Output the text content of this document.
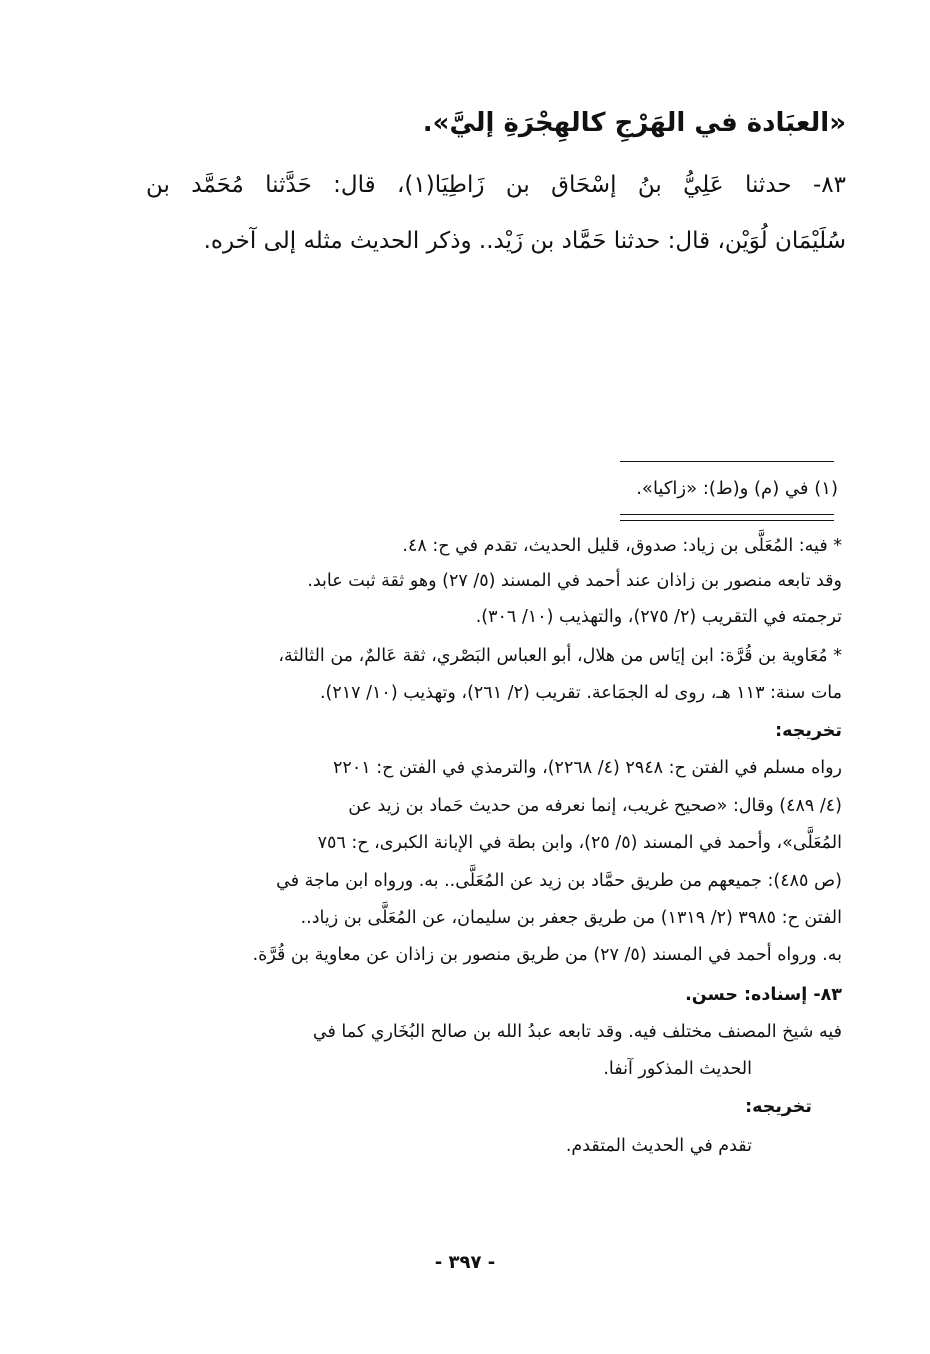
«العبَادة في الهَرْجِ كالهِجْرَةِ إليَّ».
٨٣- حدثنا عَلِيُّ بنُ إسْحَاق بن زَاطِيَا(١)، قال: حَدَّثنا مُحَمَّد بن
سُلَيْمَان لُوَيْن، قال: حدثنا حَمَّاد بن زَيْد.. وذكر الحديث مثله إلى آخره.
(١) في (م) و(ط): «زاكيا».
* فيه: المُعَلَّى بن زياد: صدوق، قليل الحديث، تقدم في ح: ٤٨.
وقد تابعه منصور بن زاذان عند أحمد في المسند (٥/ ٢٧) وهو ثقة ثبت عابد.
ترجمته في التقريب (٢/ ٢٧٥)، والتهذيب (١٠/ ٣٠٦).
* مُعَاوية بن قُرَّة: ابن إيَاس من هلال، أبو العباس البَصْري، ثقة عَالمٌ، من الثالثة،
مات سنة: ١١٣ هـ، روى له الجمَاعة. تقريب (٢/ ٢٦١)، وتهذيب (١٠/ ٢١٧).
تخريجه:
رواه مسلم في الفتن ح: ٢٩٤٨ (٤/ ٢٢٦٨)، والترمذي في الفتن ح: ٢٢٠١
(٤/ ٤٨٩) وقال: «صحيح غريب، إنما نعرفه من حديث حَماد بن زيد عن
المُعَلَّى»، وأحمد في المسند (٥/ ٢٥)، وابن بطة في الإبانة الكبرى، ح: ٧٥٦
(ص ٤٨٥): جميعهم من طريق حمَّاد بن زيد عن المُعَلَّى.. به. ورواه ابن ماجة في
الفتن ح: ٣٩٨٥ (٢/ ١٣١٩) من طريق جعفر بن سليمان، عن المُعَلَّى بن زياد..
به. ورواه أحمد في المسند (٥/ ٢٧) من طريق منصور بن زاذان عن معاوية بن قُرَّة.
٨٣- إسناده: حسن.
فيه شيخ المصنف مختلف فيه. وقد تابعه عبدُ الله بن صالح البُخَاري كما في
الحديث المذكور آنفا.
تخريجه:
تقدم في الحديث المتقدم.
- ٣٩٧ -
